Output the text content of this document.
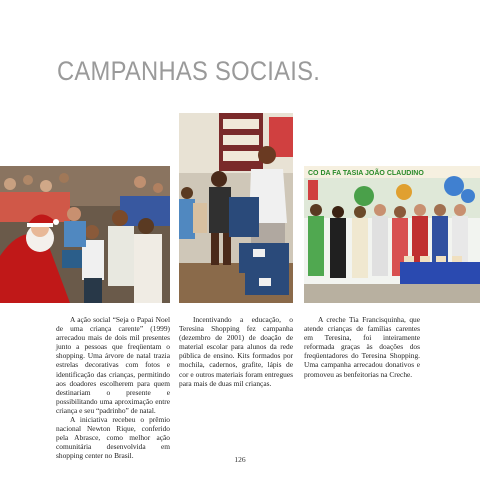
CAMPANHAS SOCIAIS.
CO DA FA TASIA JOÃO CLAUDINO

A ação social “Seja o Papai Noel de uma criança carente” (1999) arrecadou mais de dois mil presentes junto a pessoas que freqüentam o shopping. Uma árvore de natal trazia estrelas decorativas com fotos e identificação das crianças, permitindo aos doadores escolherem para quem destinariam o presente e possibilitando uma aproximação entre criança e seu “padrinho” de natal.

A iniciativa recebeu o prêmio nacional Newton Rique, conferido pela Abrasce, como melhor ação comunitária desenvolvida em shopping center no Brasil.

Incentivando a educação, o Teresina Shopping fez campanha (dezembro de 2001) de doação de material escolar para alunos da rede pública de ensino. Kits formados por mochila, cadernos, grafite, lápis de cor e outros materiais foram entregues para mais de duas mil crianças.

A creche Tia Francisquinha, que atende crianças de famílias carentes em Teresina, foi inteiramente reformada graças às doações dos freqüentadores do Teresina Shopping. Uma campanha arrecadou donativos e promoveu as benfeitorias na Creche.

126
